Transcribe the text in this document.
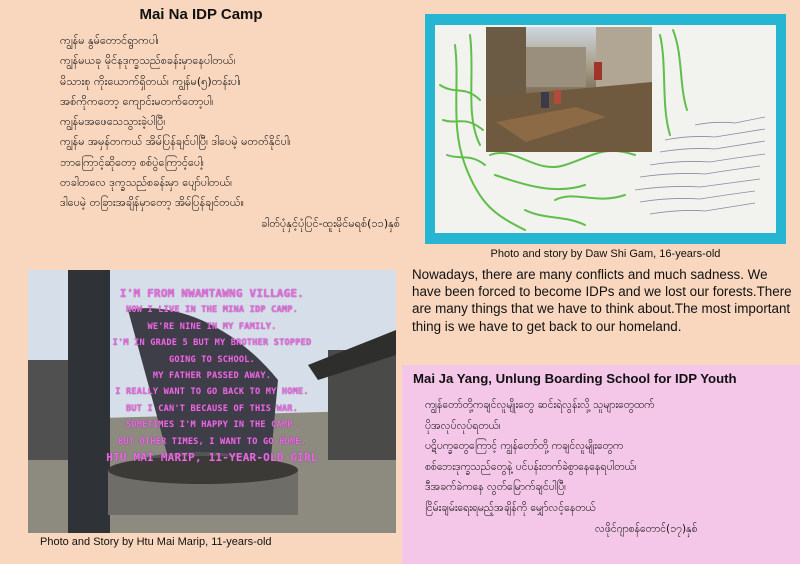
Mai Na IDP Camp
ကျွန်မ နွမ်တောင်ရွာကပါ၊
ကျွန်မယခု မိုင်နဒုက္ခသည်စခန်းမှာနေပါတယ်၊
မိသားစု ကိုးယောက်ရှိတယ်၊ ကျွန်မ(၅)တန်းပါ၊
အစ်ကိုကတော့ ကျောင်းမတက်တော့ပါ၊
ကျွန်မအဖေသေသွားခဲ့ပါပြီ၊
ကျွန်မ အမှန်တကယ် အိမ်ပြန်ချင်ပါပြီ၊ ဒါပေမဲ့ မတတ်နိုင်ပါ၊
ဘာကြောင့်ဆိုတော့ စစ်ပွဲကြောင့်ပေါ့၊
တခါတလေ ဒုက္ခသည်စခန်းမှာ ပျော်ပါတယ်၊
ဒါပေမဲ့ တခြားအချိန်မှာတော့ အိမ်ပြန်ချင်တယ်။
ခါတ်ပုံနှင့်ပုံပြင်-ထူးမိုင်မရစ်(၁၁)နှစ်
Photo and story by Daw Shi Gam, 16-years-old
Nowadays, there are many conflicts and much sadness. We have been forced to become IDPs and we lost our forests.There are many things that we have to think about.The most important thing is we have to get back to our homeland.
Mai Ja Yang, Unlung Boarding School for IDP Youth
ကျွန်တော်တို့ကချင်လူမျိုးတွေ ဆင်းရဲလွန်းလို့ သူများတွေထက်
ပိုအလုပ်လုပ်ရတယ်၊
ပဋိပက္ခတွေကြောင့် ကျွန်တော်တို့ ကချင်လူမျိုးတွေက
စစ်ဘေးဒုက္ခသည်တွေနဲ့ ပင်ပန်းတက်ခဲစွာနေနေရပါတယ်၊
ဒီအခက်ခဲကနေ လွတ်မြောက်ချင်ပါပြီ၊
ငြိမ်းချမ်းရေးရမည့်အချိန်ကို မျှော်လင့်နေတယ်
လဖိုင်ဂျာစန်တောင်(၁၇)နှစ်
I'M FROM NWAMTAWNG VILLAGE.
NOW I LIVE IN THE MINA IDP CAMP.
WE'RE NINE IN MY FAMILY.
I'M IN GRADE 5 BUT MY BROTHER STOPPED
GOING TO SCHOOL.
MY FATHER PASSED AWAY.
I REALLY WANT TO GO BACK TO MY HOME.
BUT I CAN'T BECAUSE OF THIS WAR.
SOMETIMES I'M HAPPY IN THE CAMP.
BUT OTHER TIMES, I WANT TO GO HOME.
HTU MAI MARIP, 11-YEAR-OLD GIRL
Photo and Story by Htu Mai Marip, 11-years-old
